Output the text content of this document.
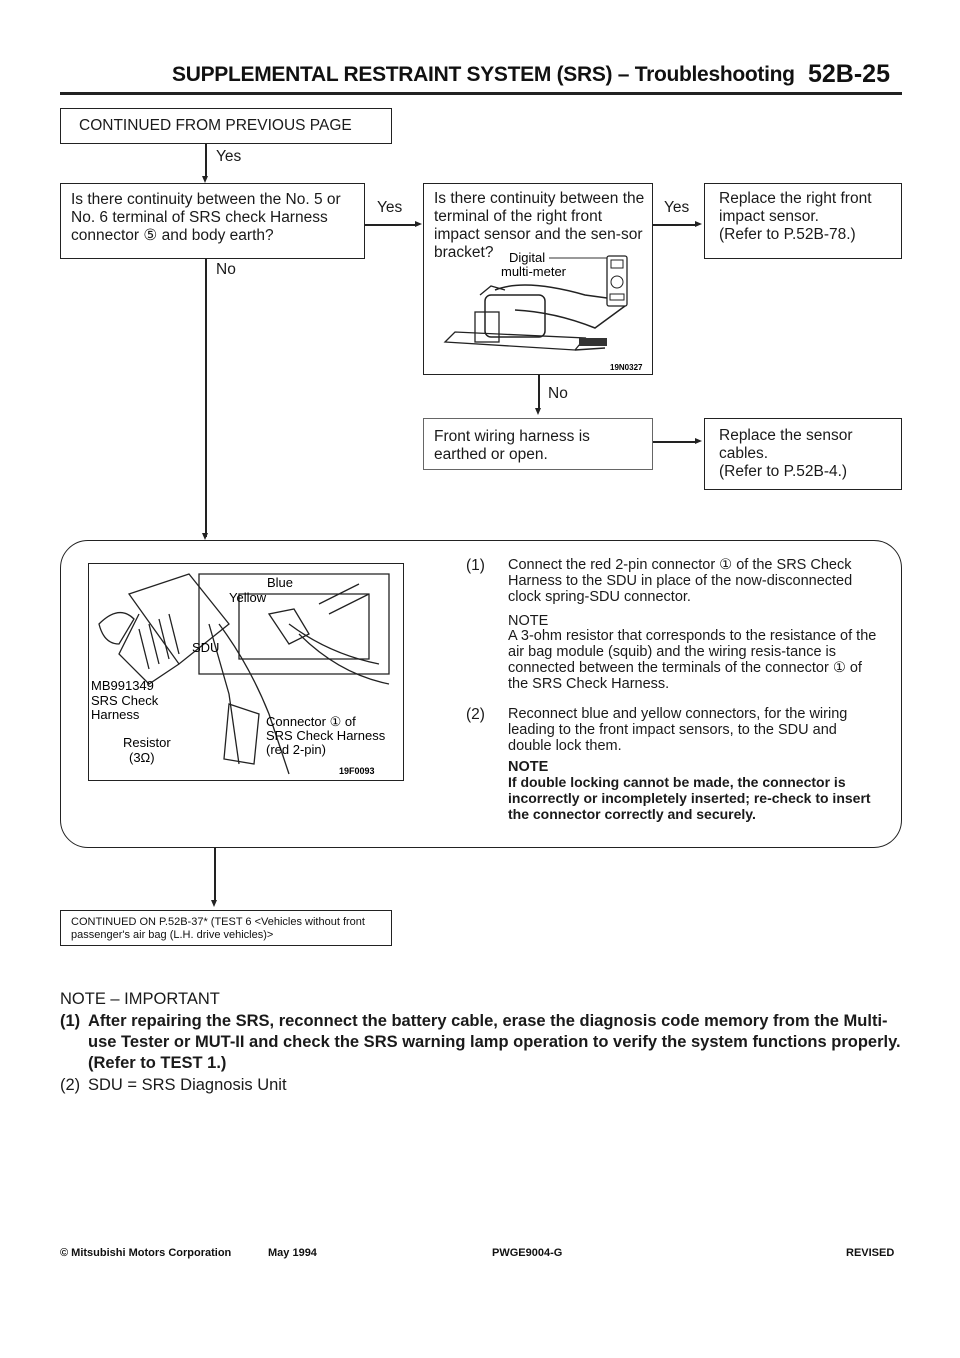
SUPPLEMENTAL RESTRAINT SYSTEM (SRS) – Troubleshooting 52B-25
CONTINUED FROM PREVIOUS PAGE
Yes
Is there continuity between the No. 5 or No. 6 terminal of SRS check Harness connector ⑤ and body earth?
Yes
No
Is there continuity between the terminal of the right front impact sensor and the sen-sor bracket?	Digital
multi-meter
19N0327
Yes
Replace the right front
impact sensor.
(Refer to P.52B-78.)
No
Front wiring harness is
earthed or open.
Replace the sensor
cables.
(Refer to P.52B-4.)
Blue
Yellow
SDU
MB991349
SRS Check
Harness
Resistor
(3Ω)
Connector ① of
SRS Check Harness
(red 2-pin)
19F0093
(1) Connect the red 2-pin connector ① of the SRS Check Harness to the SDU in place of the now-disconnected clock spring-SDU connector.
NOTE
A 3-ohm resistor that corresponds to the resistance of the air bag module (squib) and the wiring resis-tance is connected between the terminals of the connector ① of the SRS Check Harness.
(2) Reconnect blue and yellow connectors, for the wiring leading to the front impact sensors, to the SDU and double lock them.
NOTE
If double locking cannot be made, the connector is incorrectly or incompletely inserted; re-check to insert the connector correctly and securely.
CONTINUED ON P.52B-37* (TEST 6 <Vehicles without front
passenger's air bag (L.H. drive vehicles)>
NOTE – IMPORTANT
(1) After repairing the SRS, reconnect the battery cable, erase the diagnosis code memory from the Multi-use Tester or MUT-II and check the SRS warning lamp operation to verify the system functions properly. (Refer to TEST 1.)
(2) SDU = SRS Diagnosis Unit
© Mitsubishi Motors Corporation	May 1994	PWGE9004-G	REVISED
